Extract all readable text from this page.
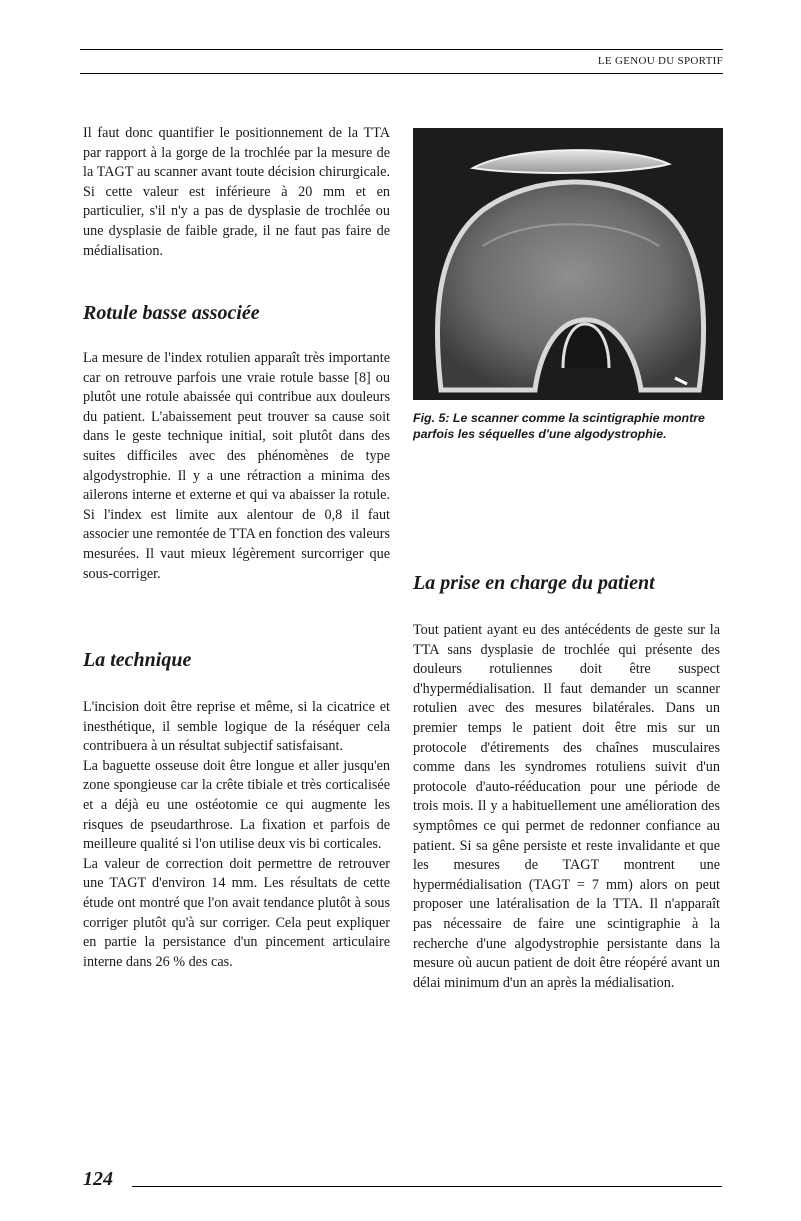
LE GENOU DU SPORTIF

Il faut donc quantifier le positionnement de la TTA par rapport à la gorge de la trochlée par la mesure de la TAGT au scanner avant toute décision chirurgicale. Si cette valeur est inférieure à 20 mm et en particulier, s'il n'y a pas de dysplasie de trochlée ou une dysplasie de faible grade, il ne faut pas faire de médialisation.

Rotule basse associée

La mesure de l'index rotulien apparaît très importante car on retrouve parfois une vraie rotule basse [8] ou plutôt une rotule abaissée qui contribue aux douleurs du patient. L'abaissement peut trouver sa cause soit dans le geste technique initial, soit plutôt dans des suites difficiles avec des phénomènes de type algodystrophie. Il y a une rétraction a minima des ailerons interne et externe et qui va abaisser la rotule. Si l'index est limite aux alentour de 0,8 il faut associer une remontée de TTA en fonction des valeurs mesurées. Il vaut mieux légèrement surcorriger que sous-corriger.

La technique

L'incision doit être reprise et même, si la cicatrice et inesthétique, il semble logique de la réséquer cela contribuera à un résultat subjectif satisfaisant.

La baguette osseuse doit être longue et aller jusqu'en zone spongieuse car la crête tibiale et très corticalisée et a déjà eu une ostéotomie ce qui augmente les risques de pseudarthrose. La fixation et parfois de meilleure qualité si l'on utilise deux vis bi corticales.

La valeur de correction doit permettre de retrouver une TAGT d'environ 14 mm. Les résultats de cette étude ont montré que l'on avait tendance plutôt à sous corriger plutôt qu'à sur corriger. Cela peut expliquer en partie la persistance d'un pincement articulaire interne dans 26 % des cas.

Fig. 5: Le scanner comme la scintigraphie montre parfois les séquelles d'une algodystrophie.
La prise en charge du patient

Tout patient ayant eu des antécédents de geste sur la TTA sans dysplasie de trochlée qui présente des douleurs rotuliennes doit être suspect d'hypermédialisation. Il faut demander un scanner rotulien avec des mesures bilatérales. Dans un premier temps le patient doit être mis sur un protocole d'étirements des chaînes musculaires comme dans les syndromes rotuliens suivit d'un protocole d'auto-rééducation pour une période de trois mois. Il y a habituellement une amélioration des symptômes ce qui permet de redonner confiance au patient. Si sa gêne persiste et reste invalidante et que les mesures de TAGT montrent une hypermédialisation (TAGT = 7 mm) alors on peut proposer une latéralisation de la TTA. Il n'apparaît pas nécessaire de faire une scintigraphie à la recherche d'une algodystrophie persistante dans la mesure où aucun patient de doit être réopéré avant un délai minimum d'un an après la médialisation.

124
